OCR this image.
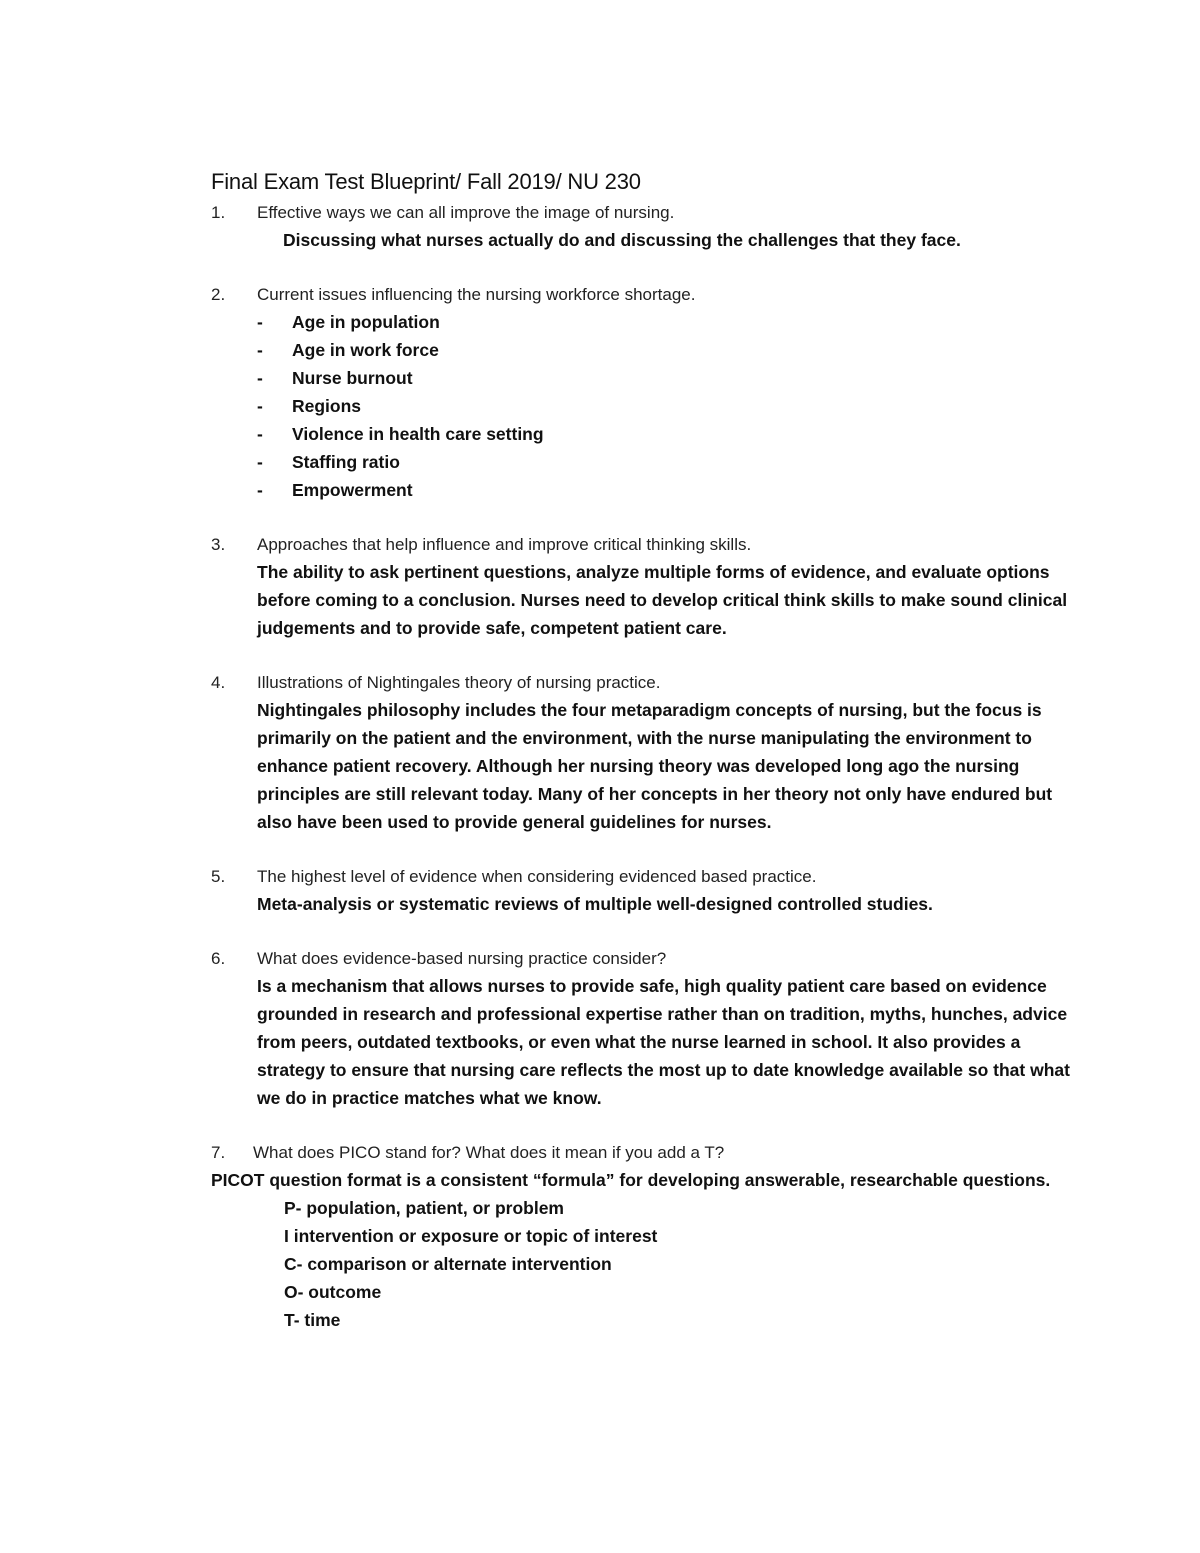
Final Exam Test Blueprint/ Fall 2019/ NU 230
1.	Effective ways we can all improve the image of nursing.
Discussing what nurses actually do and discussing the challenges that they face.
2.	Current issues influencing the nursing workforce shortage.
-	Age in population
-	Age in work force
-	Nurse burnout
-	Regions
-	Violence in health care setting
-	Staffing ratio
-	Empowerment
3.	Approaches that help influence and improve critical thinking skills.
The ability to ask pertinent questions, analyze multiple forms of evidence, and evaluate options before coming to a conclusion. Nurses need to develop critical think skills to make sound clinical judgements and to provide safe, competent patient care.
4.	Illustrations of Nightingales theory of nursing practice.
Nightingales philosophy includes the four metaparadigm concepts of nursing, but the focus is primarily on the patient and the environment, with the nurse manipulating the environment to enhance patient recovery. Although her nursing theory was developed long ago the nursing principles are still relevant today. Many of her concepts in her theory not only have endured but also have been used to provide general guidelines for nurses.
5.	The highest level of evidence when considering evidenced based practice.
Meta-analysis or systematic reviews of multiple well-designed controlled studies.
6.	What does evidence-based nursing practice consider?
Is a mechanism that allows nurses to provide safe, high quality patient care based on evidence grounded in research and professional expertise rather than on tradition, myths, hunches, advice from peers, outdated textbooks, or even what the nurse learned in school. It also provides a strategy to ensure that nursing care reflects the most up to date knowledge available so that what we do in practice matches what we know.
7.	What does PICO stand for? What does it mean if you add a T?
PICOT question format is a consistent “formula” for developing answerable, researchable questions.
P- population, patient, or problem
I intervention or exposure or topic of interest
C- comparison or alternate intervention
O- outcome
T- time
